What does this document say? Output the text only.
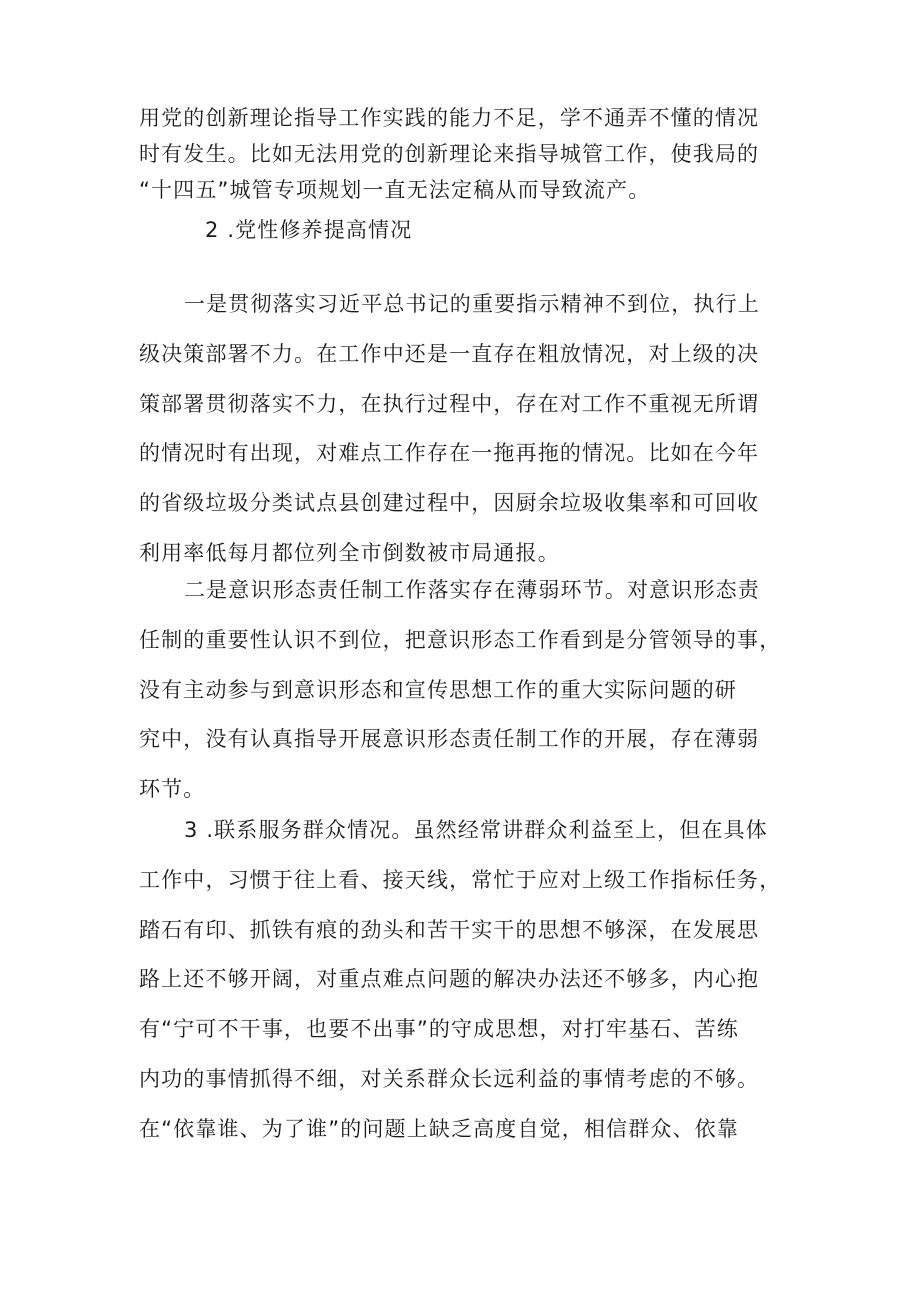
用党的创新理论指导工作实践的能力不足，学不通弄不懂的情况
时有发生。比如无法用党的创新理论来指导城管工作，使我局的
“十四五”城管专项规划一直无法定稿从而导致流产。
2 .党性修养提高情况
一是贯彻落实习近平总书记的重要指示精神不到位，执行上
级决策部署不力。在工作中还是一直存在粗放情况，对上级的决
策部署贯彻落实不力，在执行过程中，存在对工作不重视无所谓
的情况时有出现，对难点工作存在一拖再拖的情况。比如在今年
的省级垃圾分类试点县创建过程中，因厨余垃圾收集率和可回收
利用率低每月都位列全市倒数被市局通报。
二是意识形态责任制工作落实存在薄弱环节。对意识形态责
任制的重要性认识不到位，把意识形态工作看到是分管领导的事，
没有主动参与到意识形态和宣传思想工作的重大实际问题的研
究中，没有认真指导开展意识形态责任制工作的开展，存在薄弱
环节。
3 .联系服务群众情况。虽然经常讲群众利益至上，但在具体
工作中，习惯于往上看、接天线，常忙于应对上级工作指标任务，
踏石有印、抓铁有痕的劲头和苦干实干的思想不够深，在发展思
路上还不够开阔，对重点难点问题的解决办法还不够多，内心抱
有“宁可不干事，也要不出事”的守成思想，对打牢基石、苦练
内功的事情抓得不细，对关系群众长远利益的事情考虑的不够。
在“依靠谁、为了谁”的问题上缺乏高度自觉，相信群众、依靠
